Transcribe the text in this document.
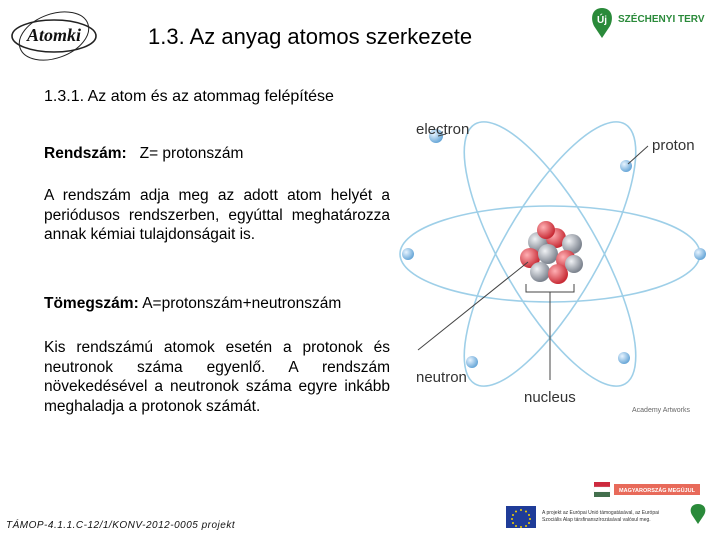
Atomki	1.3. Az anyag atomos szerkezete
Új SZÉCHENYI TERV
1.3.1. Az atom és az atommag felépítése
Rendszám: Z= protonszám
A rendszám adja meg az adott atom helyét a periódusos rendszerben, egyúttal meghatározza annak kémiai tulajdonságait is.
Tömegszám: A=protonszám+neutronszám
Kis rendszámú atomok esetén a protonok és neutronok száma egyenlő. A rendszám növekedésével a neutronok száma egyre inkább meghaladja a protonok számát.
electron
proton
neutron
nucleus
Academy Artworks
TÁMOP-4.1.1.C-12/1/KONV-2012-0005 projekt
MAGYARORSZÁG MEGÚJUL
A projekt az Európai Unió támogatásával, az Európai
Szociális Alap társfinanszírozásával valósul meg.
